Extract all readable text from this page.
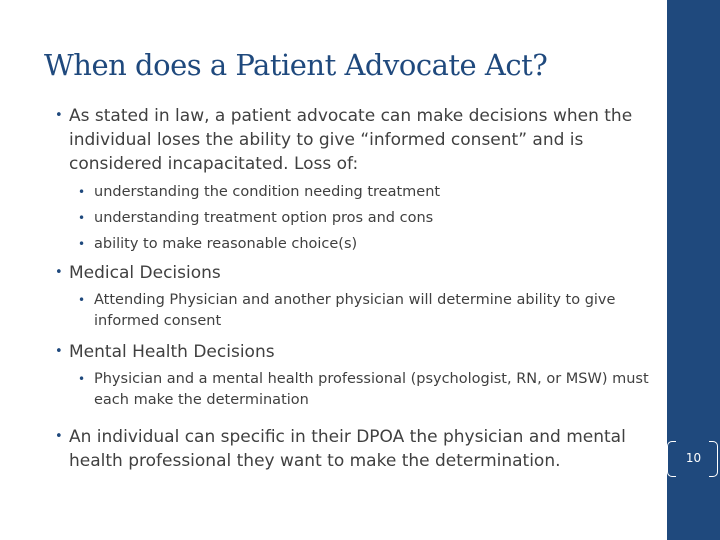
When does a Patient Advocate Act?
• As stated in law, a patient advocate can make decisions when the individual loses the ability to give “informed consent” and is considered incapacitated. Loss of:
• understanding the condition needing treatment
• understanding treatment option pros and cons
• ability to make reasonable choice(s)
• Medical Decisions
• Attending Physician and another physician will determine ability to give informed consent
• Mental Health Decisions
• Physician and a mental health professional (psychologist, RN, or MSW) must each make the determination
• An individual can specific in their DPOA the physician and mental health professional they want to make the determination.	10
